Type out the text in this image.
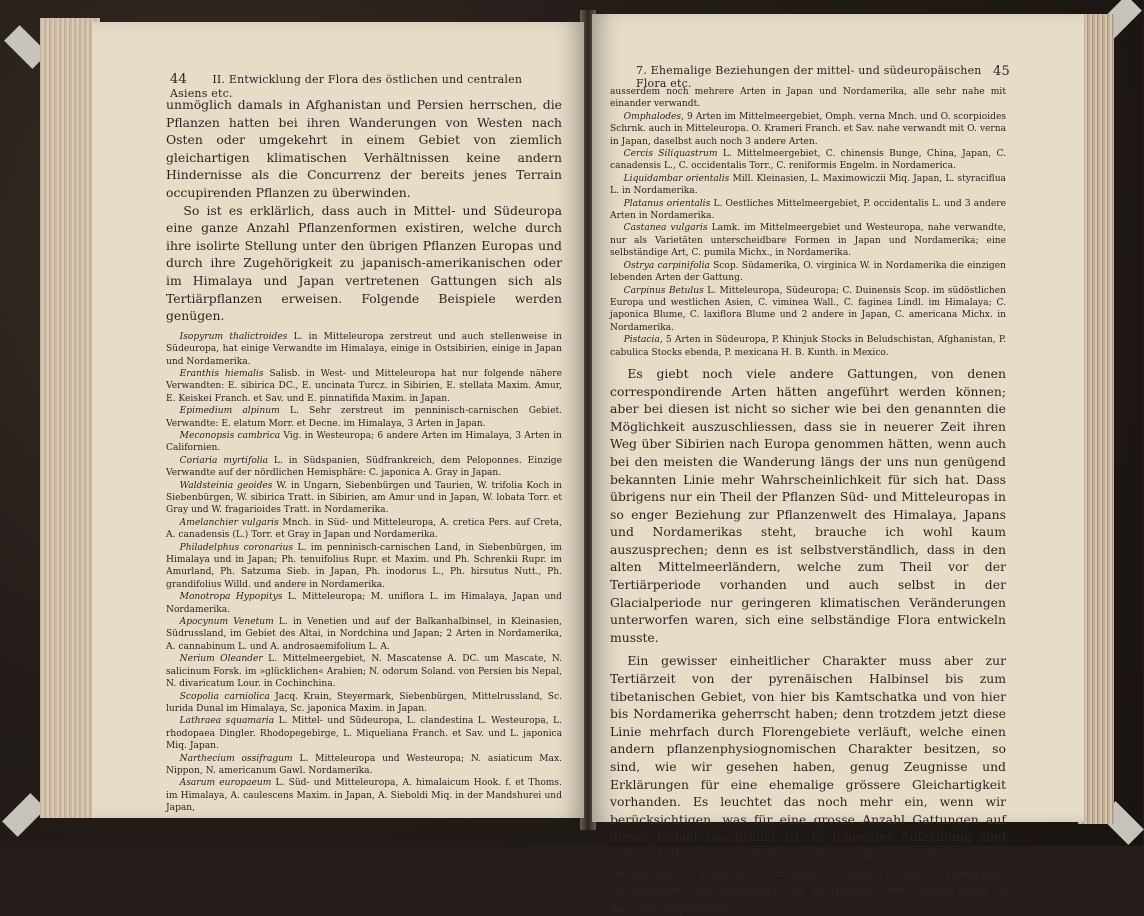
44 II. Entwicklung der Flora des östlichen und centralen Asiens etc.

unmöglich damals in Afghanistan und Persien herrschen, die Pflanzen hatten bei ihren Wanderungen von Westen nach Osten oder umgekehrt in einem Gebiet von ziemlich gleichartigen klimatischen Verhältnissen keine andern Hindernisse als die Concurrenz der bereits jenes Terrain occupirenden Pflanzen zu überwinden.

So ist es erklärlich, dass auch in Mittel- und Südeuropa eine ganze Anzahl Pflanzenformen existiren, welche durch ihre isolirte Stellung unter den übrigen Pflanzen Europas und durch ihre Zugehörigkeit zu japanisch-amerikanischen oder im Himalaya und Japan vertretenen Gattungen sich als Tertiärpflanzen erweisen. Folgende Beispiele werden genügen.

Isopyrum thalictroides L. in Mitteleuropa zerstreut und auch stellenweise in Südeuropa, hat einige Verwandte im Himalaya, einige in Ostsibirien, einige in Japan und Nordamerika.

Eranthis hiemalis Salisb. in West- und Mitteleuropa hat nur folgende nähere Verwandten: E. sibirica DC., E. uncinata Turcz. in Sibirien, E. stellata Maxim. Amur, E. Keiskei Franch. et Sav. und E. pinnatifida Maxim. in Japan.

Epimedium alpinum L. Sehr zerstreut im penninisch-carnischen Gebiet. Verwandte: E. elatum Morr. et Decne. im Himalaya, 3 Arten in Japan.

Meconopsis cambrica Vig. in Westeuropa; 6 andere Arten im Himalaya, 3 Arten in Californien.

Coriaria myrtifolia L. in Südspanien, Südfrankreich, dem Peloponnes. Einzige Verwandte auf der nördlichen Hemisphäre: C. japonica A. Gray in Japan.

Waldsteinia geoides W. in Ungarn, Siebenbürgen und Taurien, W. trifolia Koch in Siebenbürgen, W. sibirica Tratt. in Sibirien, am Amur und in Japan, W. lobata Torr. et Gray und W. fragarioides Tratt. in Nordamerika.

Amelanchier vulgaris Mnch. in Süd- und Mitteleuropa, A. cretica Pers. auf Creta, A. canadensis (L.) Torr. et Gray in Japan und Nordamerika.

Philadelphus coronarius L. im penninisch-carnischen Land, in Siebenbürgen, im Himalaya und in Japan; Ph. tenuifolius Rupr. et Maxim. und Ph. Schrenkii Rupr. im Amurland, Ph. Satzuma Sieb. in Japan, Ph. inodorus L., Ph. hirsutus Nutt., Ph. grandifolius Willd. und andere in Nordamerika.

Monotropa Hypopitys L. Mitteleuropa; M. uniflora L. im Himalaya, Japan und Nordamerika.

Apocynum Venetum L. in Venetien und auf der Balkanhalbinsel, in Kleinasien, Südrussland, im Gebiet des Altai, in Nordchina und Japan; 2 Arten in Nordamerika, A. cannabinum L. und A. androsaemifolium L. A.

Nerium Oleander L. Mittelmeergebiet, N. Mascatense A. DC. um Mascate, N. salicinum Forsk. im »glücklichen« Arabien; N. odorum Soland. von Persien bis Nepal, N. divaricatum Lour. in Cochinchina.

Scopolia carniolica Jacq. Krain, Steyermark, Siebenbürgen, Mittelrussland, Sc. lurida Dunal im Himalaya, Sc. japonica Maxim. in Japan.

Lathraea squamaria L. Mittel- und Südeuropa, L. clandestina L. Westeuropa, L. rhodopaea Dingler. Rhodopegebirge, L. Miqueliana Franch. et Sav. und L. japonica Miq. Japan.

Narthecium ossifragum L. Mitteleuropa und Westeuropa; N. asiaticum Max. Nippon, N. americanum Gawl. Nordamerika.

Asarum europaeum L. Süd- und Mitteleuropa, A. himalaicum Hook. f. et Thoms. im Himalaya, A. caulescens Maxim. in Japan, A. Sieboldi Miq. in der Mandshurei und Japan,

7. Ehemalige Beziehungen der mittel- und südeuropäischen Flora etc.
45

ausserdem noch mehrere Arten in Japan und Nordamerika, alle sehr nahe mit einander verwandt.

Omphalodes, 9 Arten im Mittelmeergebiet, Omph. verna Mnch. und O. scorpioides Schrnk. auch in Mitteleuropa. O. Krameri Franch. et Sav. nahe verwandt mit O. verna in Japan, daselbst auch noch 3 andere Arten.

Cercis Siliquastrum L. Mittelmeergebiet, C. chinensis Bunge, China, Japan, C. canadensis L., C. occidentalis Torr., C. reniformis Engelm. in Nordamerica.

Liquidambar orientalis Mill. Kleinasien, L. Maximowiczii Miq. Japan, L. styraciflua L. in Nordamerika.

Platanus orientalis L. Oestliches Mittelmeergebiet, P. occidentalis L. und 3 andere Arten in Nordamerika.

Castanea vulgaris Lamk. im Mittelmeergebiet und Westeuropa, nahe verwandte, nur als Varietäten unterscheidbare Formen in Japan und Nordamerika; eine selbständige Art, C. pumila Michx., in Nordamerika.

Ostrya carpinifolia Scop. Südamerika, O. virginica W. in Nordamerika die einzigen lebenden Arten der Gattung.

Carpinus Betulus L. Mitteleuropa, Südeuropa; C. Duinensis Scop. im südöstlichen Europa und westlichen Asien, C. viminea Wall., C. faginea Lindl. im Himalaya; C. japonica Blume, C. laxiflora Blume und 2 andere in Japan, C. americana Michx. in Nordamerika.

Pistacia, 5 Arten in Südeuropa, P. Khinjuk Stocks in Beludschistan, Afghanistan, P. cabulica Stocks ebenda, P. mexicana H. B. Kunth. in Mexico.

Es giebt noch viele andere Gattungen, von denen correspondirende Arten hätten angeführt werden können; aber bei diesen ist nicht so sicher wie bei den genannten die Möglichkeit auszuschliessen, dass sie in neuerer Zeit ihren Weg über Sibirien nach Europa genommen hätten, wenn auch bei den meisten die Wanderung längs der uns nun genügend bekannten Linie mehr Wahrscheinlichkeit für sich hat. Dass übrigens nur ein Theil der Pflanzen Süd- und Mitteleuropas in so enger Beziehung zur Pflanzenwelt des Himalaya, Japans und Nordamerikas steht, brauche ich wohl kaum auszusprechen; denn es ist selbstverständlich, dass in den alten Mittelmeerländern, welche zum Theil vor der Tertiärperiode vorhanden und auch selbst in der Glacialperiode nur geringeren klimatischen Veränderungen unterworfen waren, sich eine selbständige Flora entwickeln musste.

Ein gewisser einheitlicher Charakter muss aber zur Tertiärzeit von der pyrenäischen Halbinsel bis zum tibetanischen Gebiet, von hier bis Kamtschatka und von hier bis Nordamerika geherrscht haben; denn trotzdem jetzt diese Linie mehrfach durch Florengebiete verläuft, welche einen andern pflanzenphysiognomischen Charakter besitzen, so sind, wie wir gesehen haben, genug Zeugnisse und Erklärungen für eine ehemalige grössere Gleichartigkeit vorhanden. Es leuchtet das noch mehr ein, wenn wir berücksichtigen, was für eine grosse Anzahl Gattungen auf dieses Gebiet beschränkt ist. In folgender Aufzählung sind viele Gattungen enthalten, deren Arten jetzt auch in nördlichen Theilen Europas, Asiens und Amerikas vorkommen, die entweder zur Tertiärzeit vom Meere oder in der Glacialperiode
